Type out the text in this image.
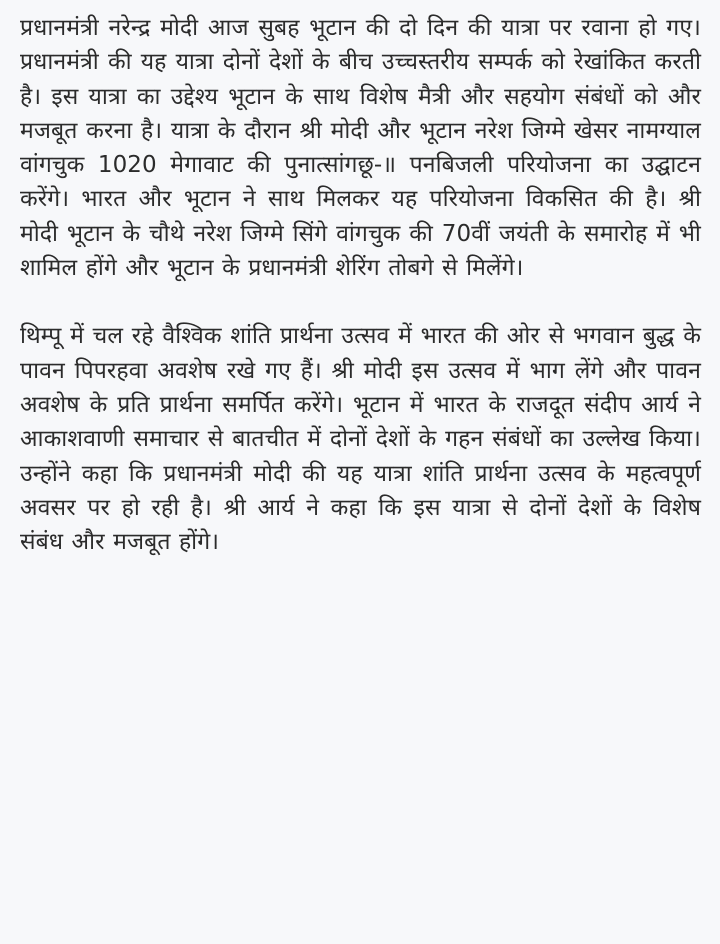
प्रधानमंत्री नरेन्द्र मोदी आज सुबह भूटान की दो दिन की यात्रा पर रवाना हो गए। प्रधानमंत्री की यह यात्रा दोनों देशों के बीच उच्चस्तरीय सम्पर्क को रेखांकित करती है। इस यात्रा का उद्देश्य भूटान के साथ विशेष मैत्री और सहयोग संबंधों को और मजबूत करना है। यात्रा के दौरान श्री मोदी और भूटान नरेश जिग्मे खेसर नामग्याल वांगचुक 1020 मेगावाट की पुनात्सांगछू-॥ पनबिजली परियोजना का उद्घाटन करेंगे। भारत और भूटान ने साथ मिलकर यह परियोजना विकसित की है। श्री मोदी भूटान के चौथे नरेश जिग्मे सिंगे वांगचुक की 70वीं जयंती के समारोह में भी शामिल होंगे और भूटान के प्रधानमंत्री शेरिंग तोबगे से मिलेंगे।

थिम्पू में चल रहे वैश्विक शांति प्रार्थना उत्सव में भारत की ओर से भगवान बुद्ध के पावन पिपरहवा अवशेष रखे गए हैं। श्री मोदी इस उत्सव में भाग लेंगे और पावन अवशेष के प्रति प्रार्थना समर्पित करेंगे। भूटान में भारत के राजदूत संदीप आर्य ने आकाशवाणी समाचार से बातचीत में दोनों देशों के गहन संबंधों का उल्लेख किया। उन्होंने कहा कि प्रधानमंत्री मोदी की यह यात्रा शांति प्रार्थना उत्सव के महत्वपूर्ण अवसर पर हो रही है। श्री आर्य ने कहा कि इस यात्रा से दोनों देशों के विशेष संबंध और मजबूत होंगे।
